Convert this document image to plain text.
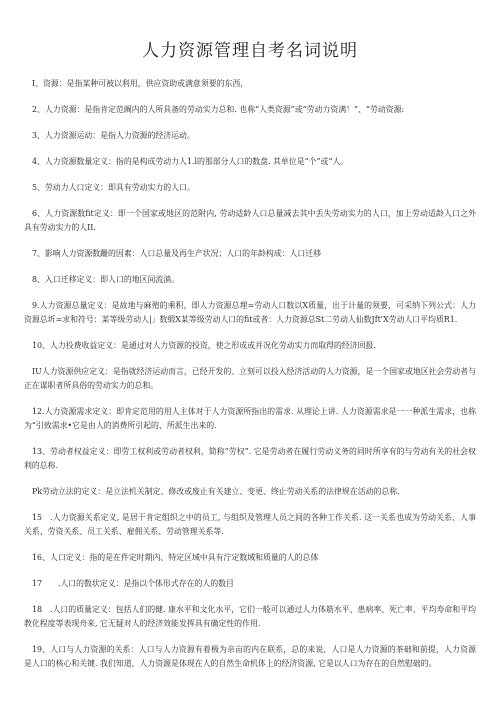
人力资源管理自考名词说明

I、资源：是指某种可被以利用，供应资助或满意须要的东西，

2、人力资源：是指肯定范阚内的人所具备的劳动实力总和. 也称“人类资源”或“劳动力资满！”、“劳动资源:

3、人力资源运动：是指人力资源的经济运动。

4、人力资源数量定义：指的是构成劳动力人1.l的那部分人口的数盘. 其单位是“个”或“人。

5、劳动力人口定义：即具有劳动实力的人口。

6、人力资源数fit定义：即一个国家或地区的范附内, 劳动适龄人口总量减去其中丢失劳动实力的人口，加上劳动适龄人口之外具有劳动实力的人II.

7、影响人力资源数跚的因素：人口总量及再生产状况；人口的年龄构成：人口迁移

8、入口迁移定义：即人口的地区间流淌。

9.人力资源总量定义：是故地与麻殖的乘积，即人力资源总埋=劳动人口数以X质量，出于计量的须要，可采纳下列公式：人力资源总圻=求和符号：某等级劳动人|」数缎X某等级劳动人口的fit或者：人力资源总St二劳动人仙数Jft'X劳动人口平均质R1.

10、人力投费收益定义：是通过对人力资源的投资，使之形成或并况化劳动实力而取得的经济回报.

IU人力资源供应定义：是指就经济运动而言，已经开发的、立刻可以投入经济活动的人力资源，是一个国家或地区社会劳动者与正在谋职者所具俗的劳动实力的总和。

12.人力资源需求定义：即肯定范用的用人主体对于人力资源所指出的需求. 从理论上讲. 人力资源需求是一一种派生需求，也称为“引致需求•它是由人的消费所引起的、所派生出来的.

13、劳动者权益定义：即劳工权利或劳动者权利，简称“劳权”. 它是劳动者在履行劳动义务的同时所享有的与劳动有关的社会权利的总称.

Pk劳动立法的定义：是立法机关制定、修改或废止有关建立、变更、终止劳动关系的法律规在活动的总称.

15　.人力资源关系定义, 是居干肯定组织之中的员工, 与组织及管理人员之间的各种工作关系. 这一关系也成为劳动关系、人事关系、劳资关系、员工关系、雇佣关系、劳动管理关系等.

16、人口定义：指的是在件定时期内、特定区域中具有泞定数域和质量的人的总体

17　　.人口的数状定义：是指以个体形式存在的人的数目

18　.人口的质量定义：包括人们的健. 康水平和文化水平，它们一般可以通过人力体筋水平、患病率、死亡率、平均寿命和平均教化程度等表现舟来, 它无疑对人的经济效能发挥具有确定性的作用.

19、人口与人力资源的关系：人口与人力资源有着极为亲亩的内在联系，总的来说，人口是人力资源的茶础和前提，人力资源是人口的核心和关键. 我们知道，人力资源是体现在人的自然生命机体上的经济资源, 它是以人口为存在的自然慰础的。
